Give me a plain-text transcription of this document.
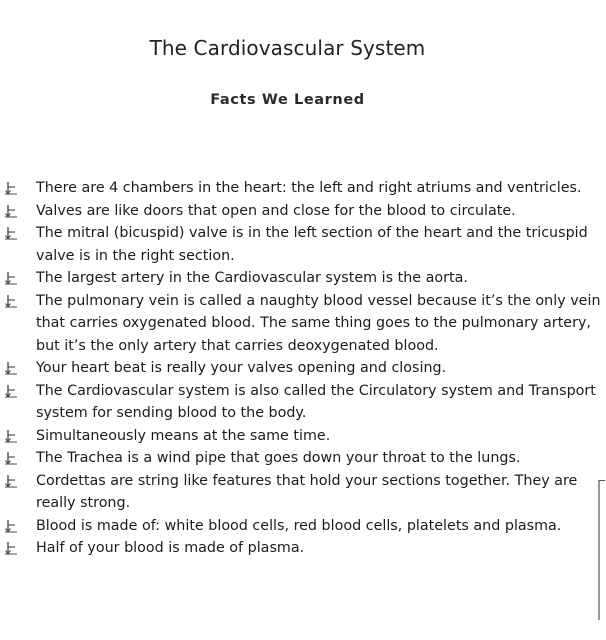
The Cardiovascular System
Facts We Learned
There are 4 chambers in the heart: the left and right atriums and ventricles.
Valves are like doors that open and close for the blood to circulate.
The mitral (bicuspid) valve is in the left section of the heart and the tricuspid valve is in the right section.
The largest artery in the Cardiovascular system is the aorta.
The pulmonary vein is called a naughty blood vessel because it’s the only vein that carries oxygenated blood. The same thing goes to the pulmonary artery, but it’s the only artery that carries deoxygenated blood.
Your heart beat is really your valves opening and closing.
The Cardiovascular system is also called the Circulatory system and Transport system for sending blood to the body.
Simultaneously means at the same time.
The Trachea is a wind pipe that goes down your throat to the lungs.
Cordettas are string like features that hold your sections together. They are really strong.
Blood is made of: white blood cells, red blood cells, platelets and plasma.
Half of your blood is made of plasma.
